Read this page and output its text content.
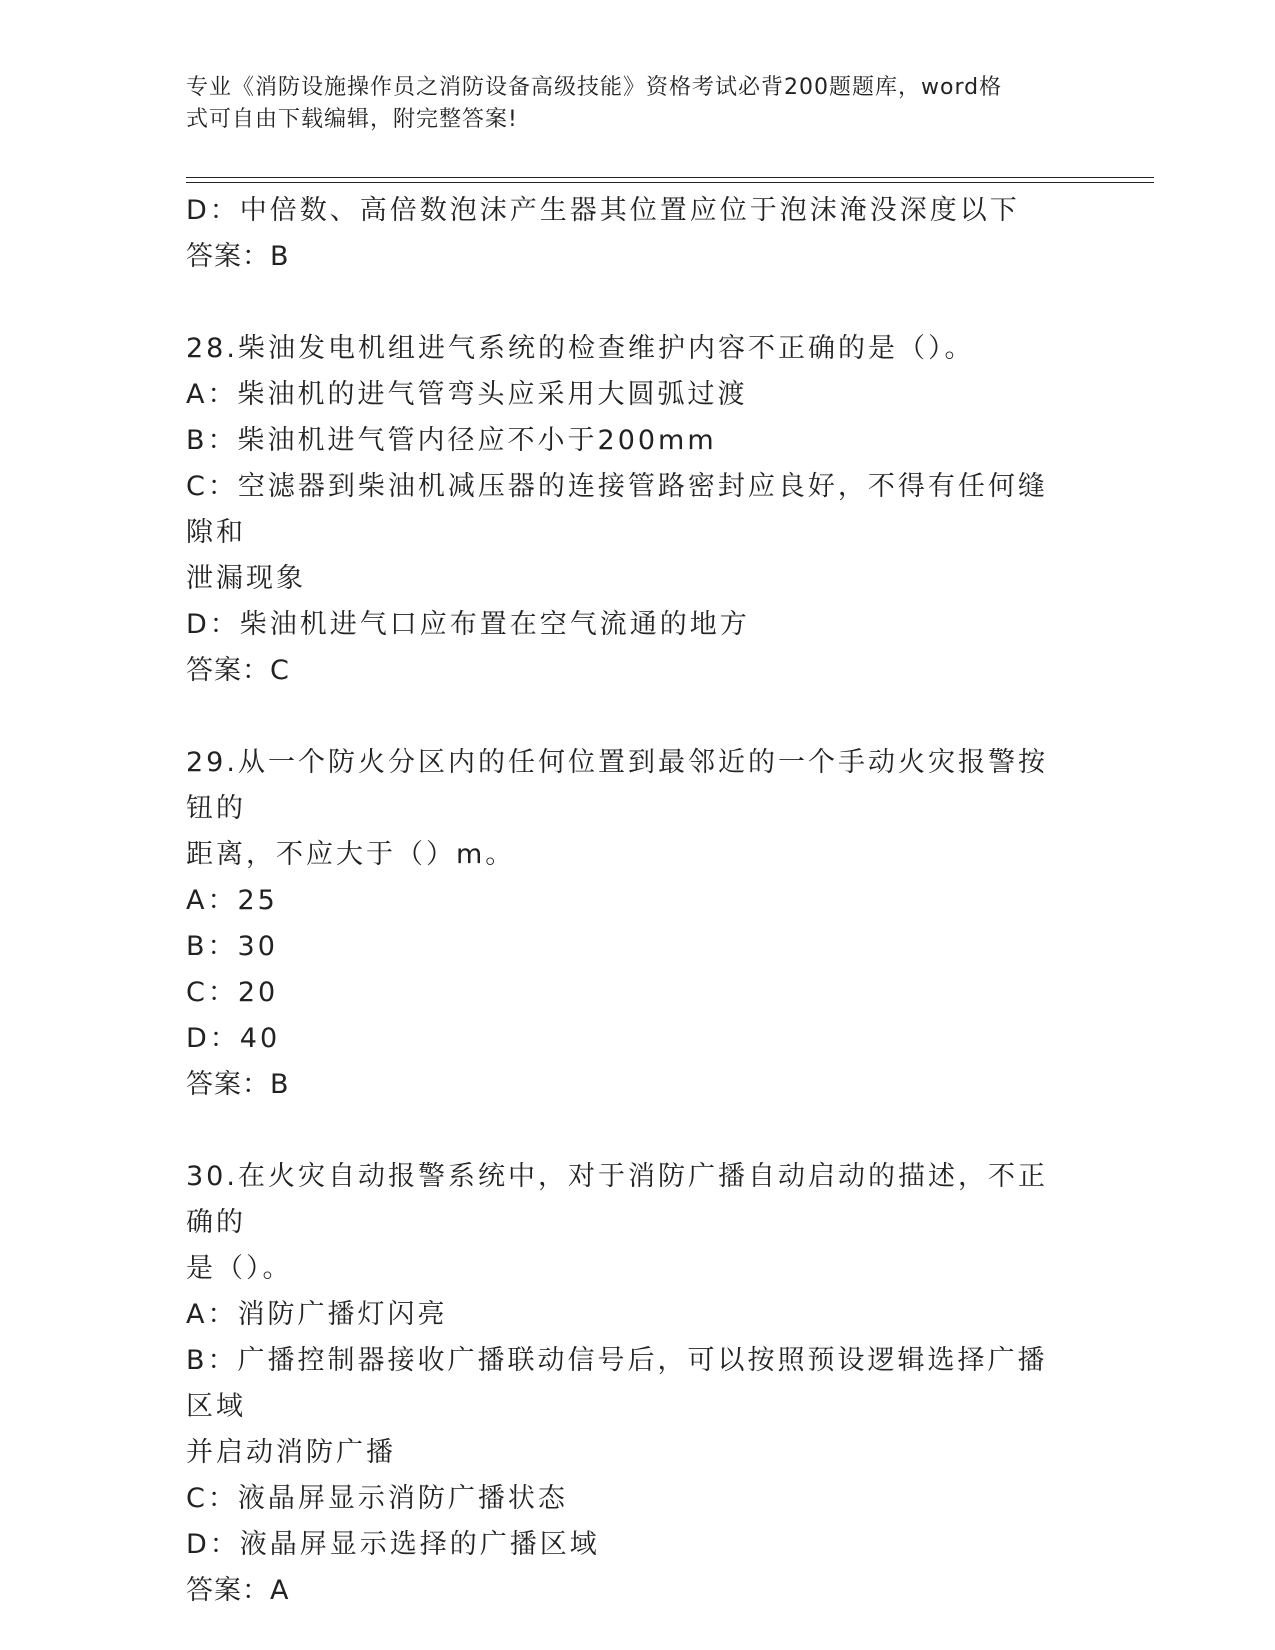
专业《消防设施操作员之消防设备高级技能》资格考试必背200题题库，word格
式可自由下载编辑，附完整答案!
D：中倍数、高倍数泡沫产生器其位置应位于泡沫淹没深度以下
答案：B
28.柴油发电机组进气系统的检查维护内容不正确的是（）。
A：柴油机的进气管弯头应采用大圆弧过渡
B：柴油机进气管内径应不小于200mm
C：空滤器到柴油机减压器的连接管路密封应良好，不得有任何缝隙和
泄漏现象
D：柴油机进气口应布置在空气流通的地方
答案：C
29.从一个防火分区内的任何位置到最邻近的一个手动火灾报警按钮的
距离，不应大于（）m。
A：25
B：30
C：20
D：40
答案：B
30.在火灾自动报警系统中，对于消防广播自动启动的描述，不正确的
是（）。
A：消防广播灯闪亮
B：广播控制器接收广播联动信号后，可以按照预设逻辑选择广播区域
并启动消防广播
C：液晶屏显示消防广播状态
D：液晶屏显示选择的广播区域
答案：A
